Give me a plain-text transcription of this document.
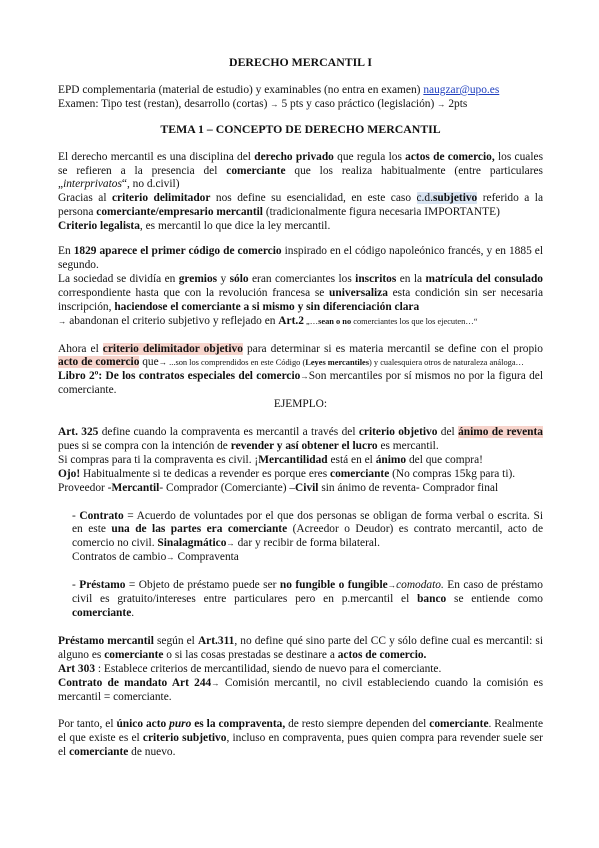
DERECHO MERCANTIL I

EPD complementaria (material de estudio) y examinables (no entra en examen) naugzar@upo.es

Examen: Tipo test (restan), desarrollo (cortas) → 5 pts y caso práctico (legislación) → 2pts

TEMA 1 – CONCEPTO DE DERECHO MERCANTIL

El derecho mercantil es una disciplina del derecho privado que regula los actos de comercio, los cuales se refieren a la presencia del comerciante que los realiza habitualmente (entre particulares „interprivatos“, no d.civil)

Gracias al criterio delimitador nos define su esencialidad, en este caso c.d.subjetivo referido a la persona comerciante/empresario mercantil (tradicionalmente figura necesaria IMPORTANTE)

Criterio legalista, es mercantil lo que dice la ley mercantil.

En 1829 aparece el primer código de comercio inspirado en el código napoleónico francés, y en 1885 el segundo.

La sociedad se dividía en gremios y sólo eran comerciantes los inscritos en la matrícula del consulado correspondiente hasta que con la revolución francesa se universaliza esta condición sin ser necesaria inscripción, haciendose el comerciante a si mismo y sin diferenciación clara

→ abandonan el criterio subjetivo y reflejado en Art.2 „…sean o no comerciantes los que los ejecuten…“

Ahora el criterio delimitador objetivo para determinar si es materia mercantil se define con el propio acto de comercio que→ ...son los comprendidos en este Código (Leyes mercantiles) y cualesquiera otros de naturaleza análoga…

Libro 2º: De los contratos especiales del comercio→Son mercantiles por sí mismos no por la figura del comerciante.

EJEMPLO:

Art. 325 define cuando la compraventa es mercantil a través del criterio objetivo del ánimo de reventa pues si se compra con la intención de revender y así obtener el lucro es mercantil.

Si compras para ti la compraventa es civil. ¡Mercantilidad está en el ánimo del que compra!

Ojo! Habitualmente si te dedicas a revender es porque eres comerciante (No compras 15kg para ti).

Proveedor -Mercantil- Comprador (Comerciante) –Civil sin ánimo de reventa- Comprador final

- Contrato = Acuerdo de voluntades por el que dos personas se obligan de forma verbal o escrita. Si en este una de las partes era comerciante (Acreedor o Deudor) es contrato mercantil, acto de comercio no civil. Sinalagmático→ dar y recibir de forma bilateral.

Contratos de cambio→ Compraventa

- Préstamo = Objeto de préstamo puede ser no fungible o fungible→comodato. En caso de préstamo civil es gratuito/intereses entre particulares pero en p.mercantil el banco se entiende como comerciante.

Préstamo mercantil según el Art.311, no define qué sino parte del CC y sólo define cual es mercantil: si alguno es comerciante o si las cosas prestadas se destinare a actos de comercio.

Art 303 : Establece criterios de mercantilidad, siendo de nuevo para el comerciante.

Contrato de mandato Art 244→ Comisión mercantil, no civil estableciendo cuando la comisión es mercantil = comerciante.

Por tanto, el único acto puro es la compraventa, de resto siempre dependen del comerciante. Realmente el que existe es el criterio subjetivo, incluso en compraventa, pues quien compra para revender suele ser el comerciante de nuevo.
